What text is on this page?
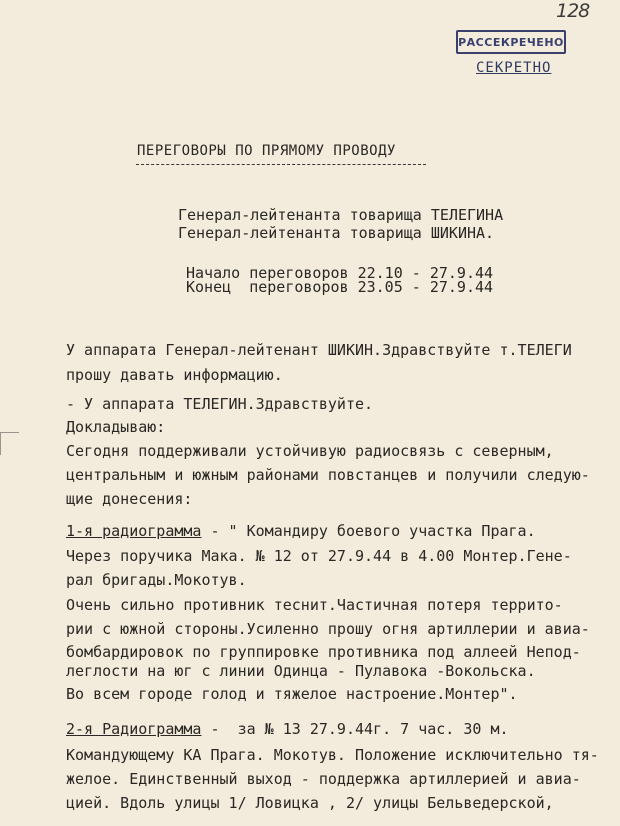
128
РАССЕКРЕЧЕНО
СЕКРЕТНО
ПЕРЕГОВОРЫ ПО ПРЯМОМУ ПРОВОДУ
Генерал-лейтенанта товарища ТЕЛЕГИНА
Генерал-лейтенанта товарища ШИКИНА.
Начало переговоров 22.10 - 27.9.44
Конец  переговоров 23.05 - 27.9.44
У аппарата Генерал-лейтенант ШИКИН.Здравствуйте т.ТЕЛЕГИ
прошу давать информацию.
- У аппарата ТЕЛЕГИН.Здравствуйте.
Докладываю:
Сегодня поддерживали устойчивую радиосвязь с северным,
центральным и южным районами повстанцев и получили следую-
щие донесения:
1-я радиограмма - " Командиру боевого участка Прага.
Через поручика Мака. № 12 от 27.9.44 в 4.00 Монтер.Гене-
рал бригады.Мокотув.
Очень сильно противник теснит.Частичная потеря террито-
рии с южной стороны.Усиленно прошу огня артиллерии и авиа-
бомбардировок по группировке противника под аллеей Непод-
леглости на юг с линии Одинца - Пулавока -Вокольска.
Во всем городе голод и тяжелое настроение.Монтер".
2-я Радиограмма -  за № 13 27.9.44г. 7 час. 30 м.
Командующему КА Прага. Мокотув. Положение исключительно тя-
желое. Единственный выход - поддержка артиллерией и авиа-
цией. Вдоль улицы 1/ Ловицка , 2/ улицы Бельведерской,
